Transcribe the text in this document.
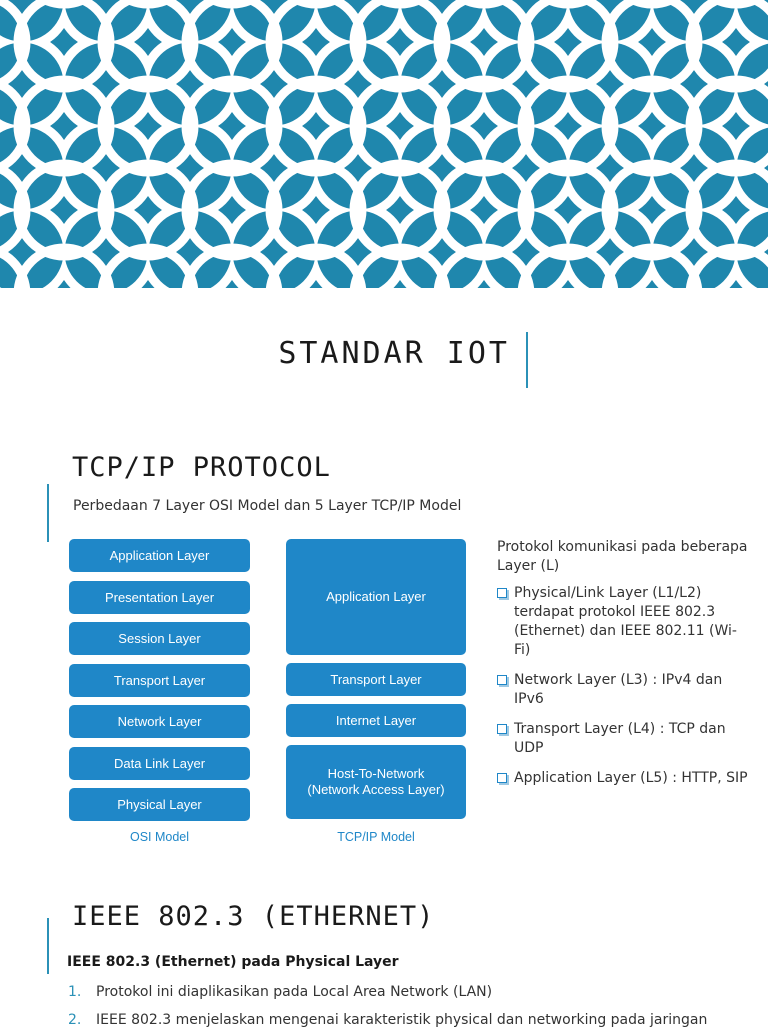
STANDAR IOT
TCP/IP PROTOCOL
Perbedaan 7 Layer OSI Model dan 5 Layer TCP/IP Model
Application Layer
Presentation Layer
Session Layer
Transport Layer
Network Layer
Data Link Layer
Physical Layer
OSI Model
Application Layer
Transport Layer
Internet Layer
Host-To-Network
(Network Access Layer)
TCP/IP Model

Protokol komunikasi pada beberapa Layer (L)

Physical/Link Layer (L1/L2) terdapat protokol IEEE 802.3 (Ethernet) dan IEEE 802.11 (Wi-Fi)
Network Layer (L3) : IPv4 dan IPv6
Transport Layer (L4) : TCP dan UDP
Application Layer (L5) : HTTP, SIP
IEEE 802.3 (ETHERNET)
IEEE 802.3 (Ethernet) pada Physical Layer
1. Protokol ini diaplikasikan pada Local Area Network (LAN)
2. IEEE 802.3 menjelaskan mengenai karakteristik physical dan networking pada jaringan
